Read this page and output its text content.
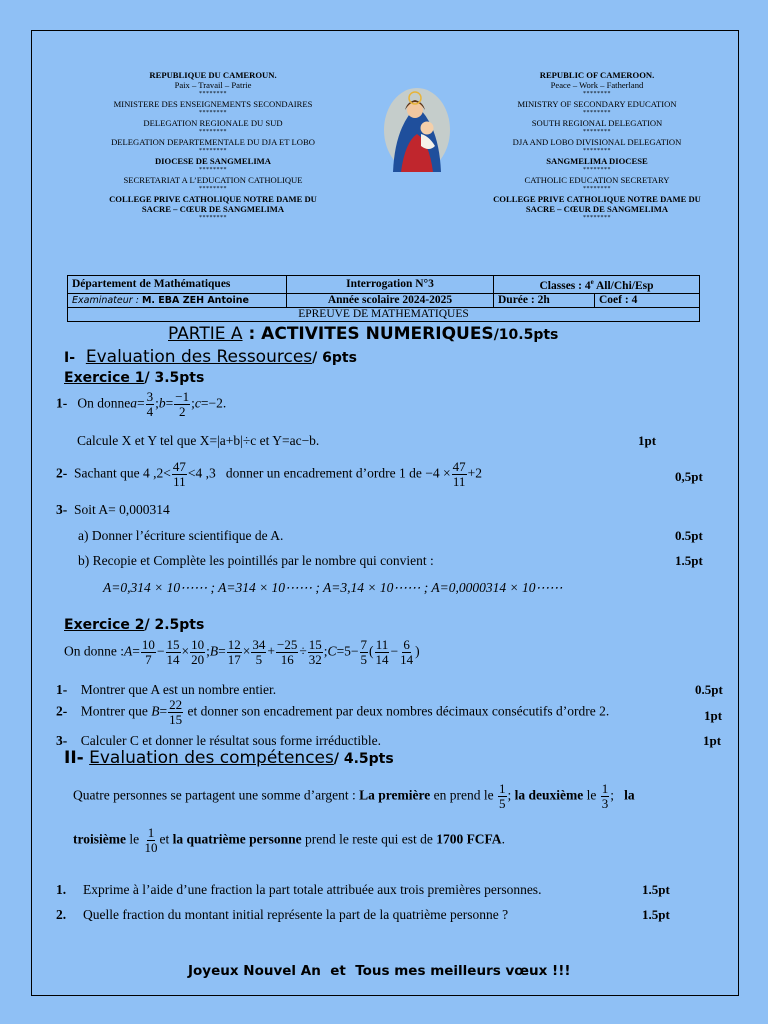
REPUBLIQUE DU CAMEROUN.
Paix – Travail – Patrie
********
MINISTERE DES ENSEIGNEMENTS SECONDAIRES
********
DELEGATION REGIONALE DU SUD
********
DELEGATION DEPARTEMENTALE DU DJA ET LOBO
********
DIOCESE DE SANGMELIMA
********
SECRETARIAT A L’EDUCATION CATHOLIQUE
********
COLLEGE PRIVE CATHOLIQUE NOTRE DAME DU
SACRE – CŒUR DE SANGMELIMA
********
REPUBLIC OF CAMEROON.
Peace – Work – Fatherland
********
MINISTRY OF SECONDARY EDUCATION
********
SOUTH REGIONAL DELEGATION
********
DJA AND LOBO DIVISIONAL DELEGATION
********
SANGMELIMA DIOCESE
********
CATHOLIC EDUCATION SECRETARY
********
COLLEGE PRIVE CATHOLIQUE NOTRE DAME DU
SACRE – CŒUR DE SANGMELIMA
********
Département de Mathématiques	Interrogation N°3	Classes : 4e All/Chi/Esp	
Examinateur : M. EBA ZEH Antoine	Année scolaire 2024-2025	Durée : 2h	Coef : 4
EPREUVE DE MATHEMATIQUES			
PARTIE A : ACTIVITES NUMERIQUES/10.5pts
I- Evaluation des Ressources/ 6pts
Exercice 1/ 3.5pts
1- On donnea= $\frac{3}{4}$ ;b= $\frac{-1}{2}$ ;c=−2.
Calcule X et Y tel que X=|a+b|÷c et Y=ac−b.	1pt
2- Sachant que 4 $,2< \frac{47}{11} <4$ ,3   donner un encadrement d’ordre 1 de $-4 \times \frac{47}{11} +2$	0,5pt
3- Soit A= 0,000314
a) Donner l’écriture scientifique de A.	0.5pt
b) Recopie et Complète les pointillés par le nombre qui convient :	1.5pt
A=0,314 × 10⋯⋯ ; A=314 × 10⋯⋯ ; A=3,14 × 10⋯⋯ ; A=0,0000314 × 10⋯⋯
Exercice 2/ 2.5pts
On donne :A= $\frac{10}{7} - \frac{15}{14} \times \frac{10}{20}$ ;B= $\frac{12}{17} \times \frac{34}{5} + \frac{-25}{16} \div \frac{15}{32}$ ;C=5− $\frac{7}{5}$ ( $\frac{11}{14} - \frac{6}{14}$ )
1- Montrer que A est un nombre entier.	0.5pt
2- Montrer que $B= \frac{22}{15}$ et donner son encadrement par deux nombres décimaux consécutifs d’ordre 2.	1pt
3- Calculer C et donner le résultat sous forme irréductible.	1pt
II- Evaluation des compétences/ 4.5pts
Quatre personnes se partagent une somme d’argent : La première en prend le $\frac{1}{5}$ ; la deuxième le $\frac{1}{3}$ ;   la
troisième le $\frac{1}{10}$ et la quatrième personne prend le reste qui est de 1700 FCFA.
1. Exprime à l’aide d’une fraction la part totale attribuée aux trois premières personnes.	1.5pt
2. Quelle fraction du montant initial représente la part de la quatrième personne ?	1.5pt
Joyeux Nouvel An  et  Tous mes meilleurs vœux !!!
